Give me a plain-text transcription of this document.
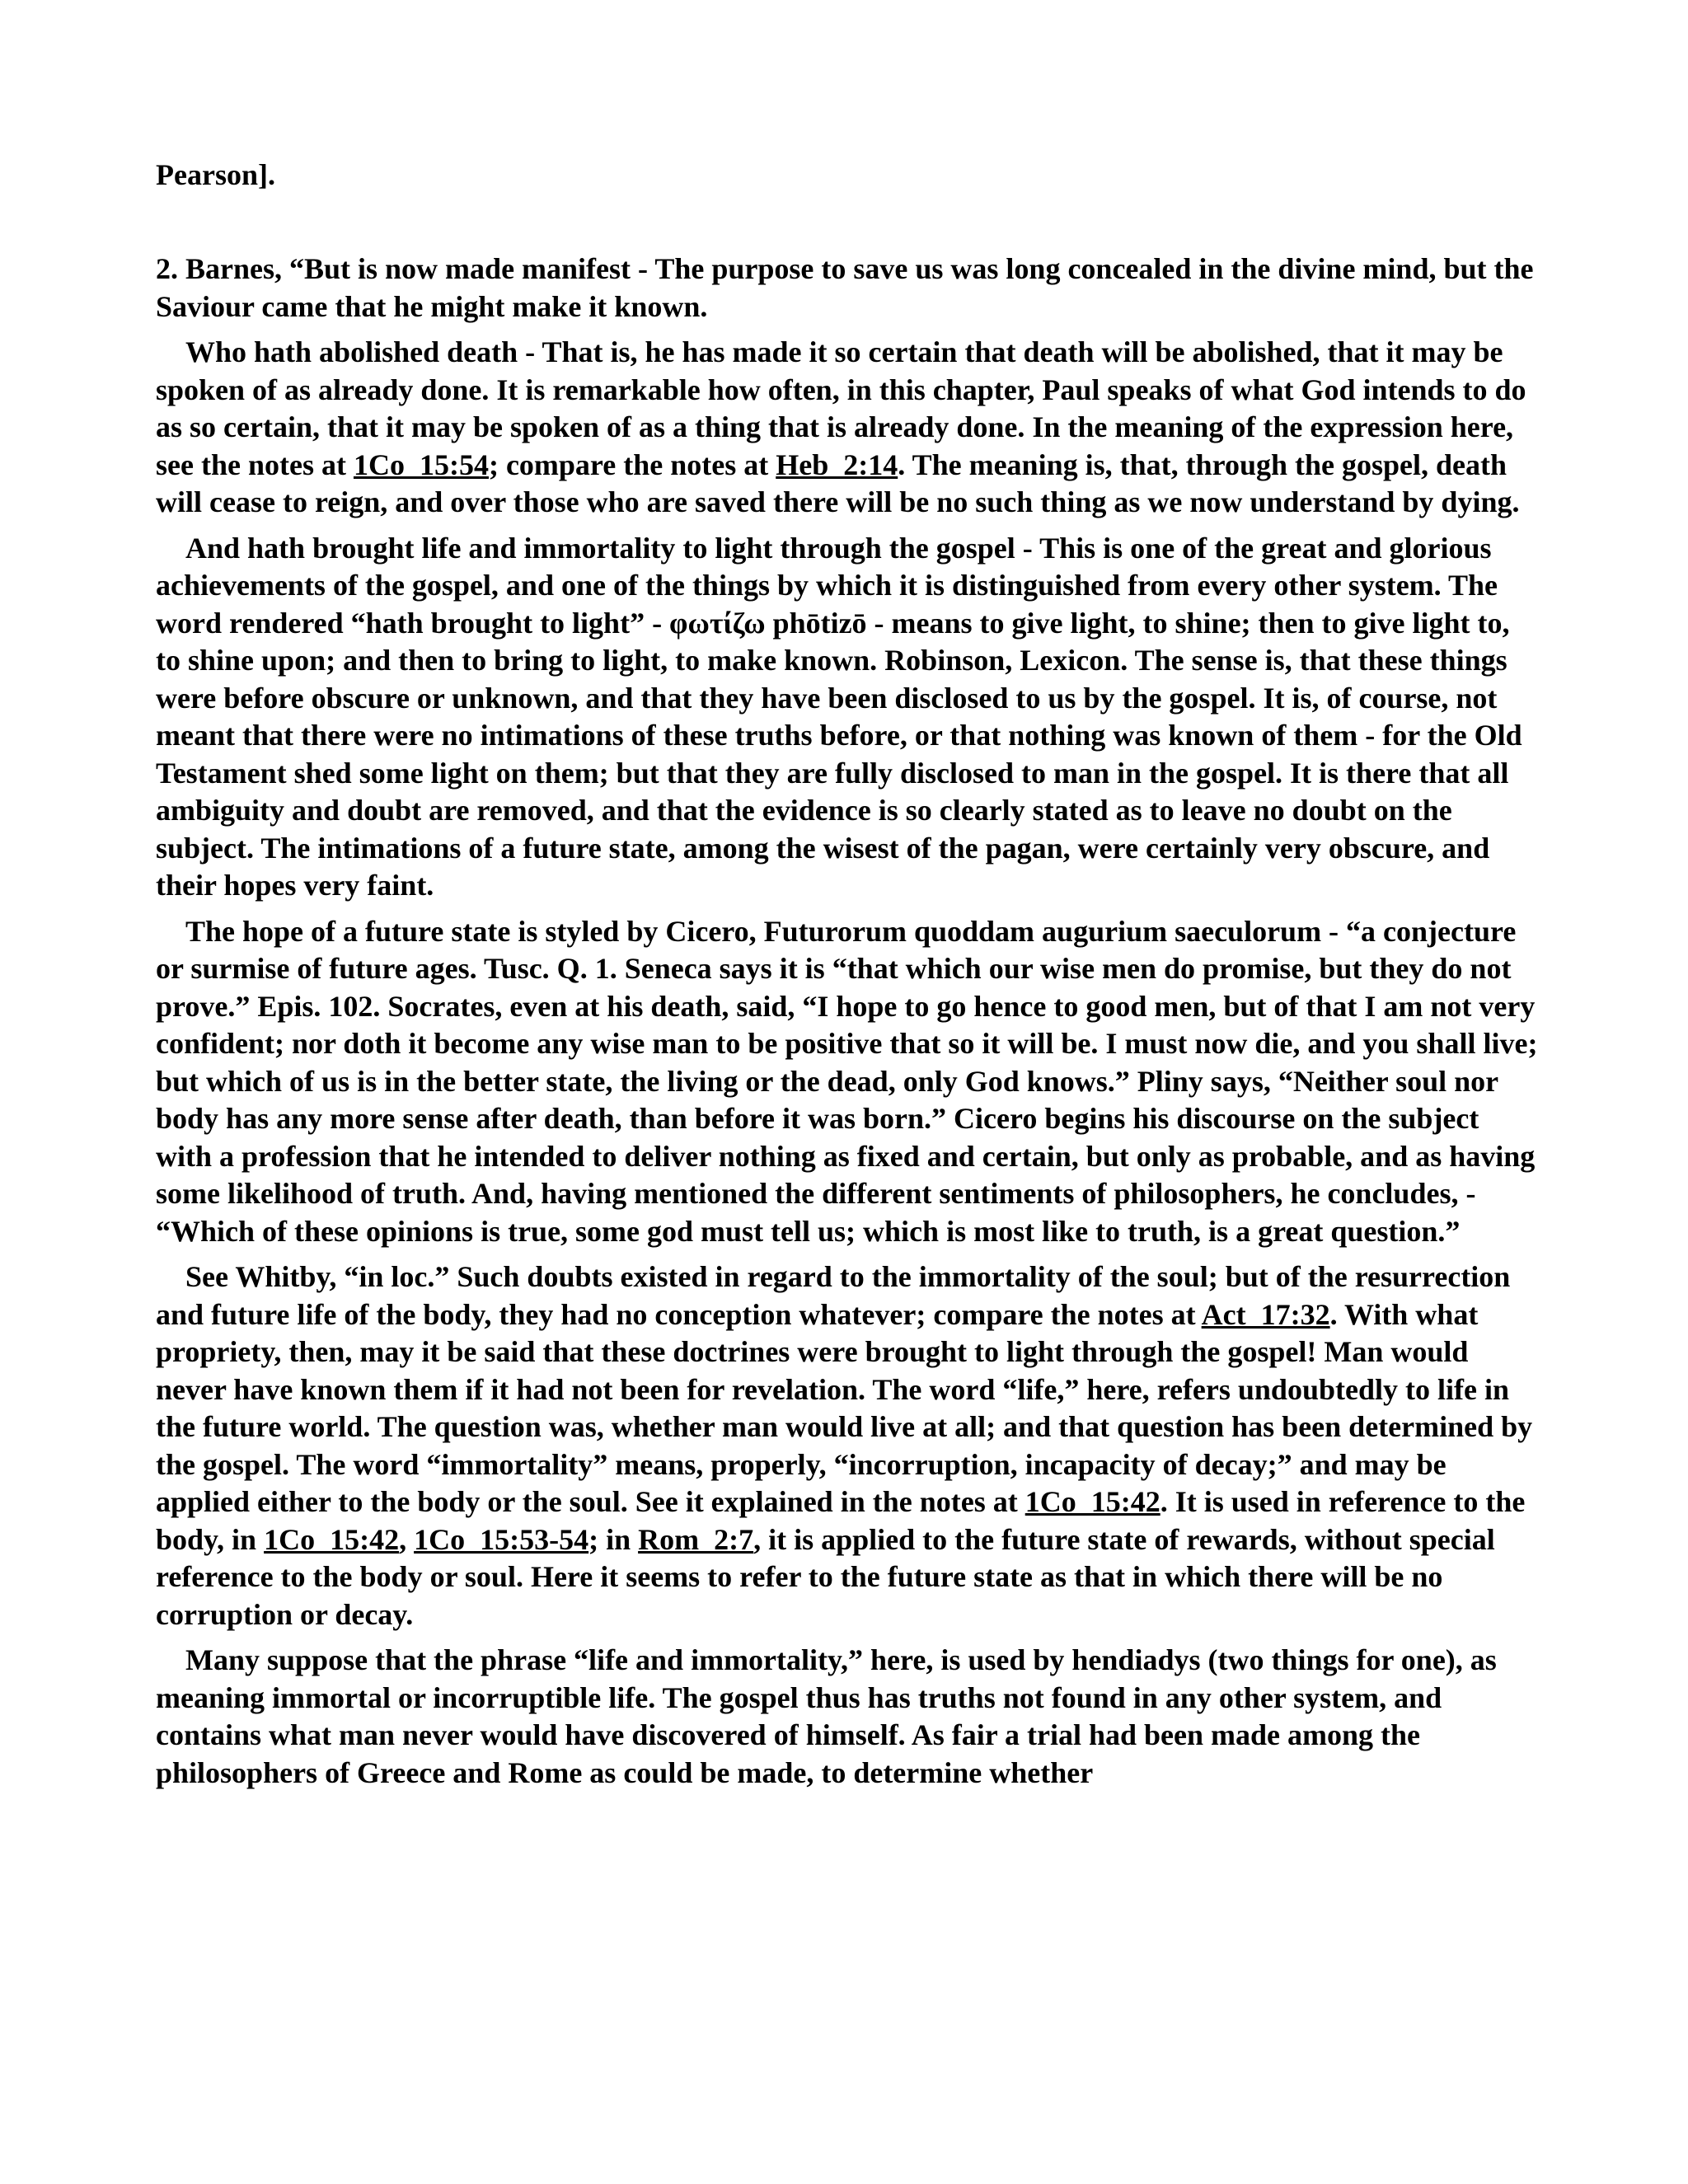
Pearson].

2. Barnes, “But is now made manifest - The purpose to save us was long concealed in the divine mind, but the Saviour came that he might make it known.

Who hath abolished death - That is, he has made it so certain that death will be abolished, that it may be spoken of as already done. It is remarkable how often, in this chapter, Paul speaks of what God intends to do as so certain, that it may be spoken of as a thing that is already done. In the meaning of the expression here, see the notes at 1Co_15:54; compare the notes at Heb_2:14. The meaning is, that, through the gospel, death will cease to reign, and over those who are saved there will be no such thing as we now understand by dying.

And hath brought life and immortality to light through the gospel - This is one of the great and glorious achievements of the gospel, and one of the things by which it is distinguished from every other system. The word rendered “hath brought to light” - φωτίζω phōtizō - means to give light, to shine; then to give light to, to shine upon; and then to bring to light, to make known. Robinson, Lexicon. The sense is, that these things were before obscure or unknown, and that they have been disclosed to us by the gospel. It is, of course, not meant that there were no intimations of these truths before, or that nothing was known of them - for the Old Testament shed some light on them; but that they are fully disclosed to man in the gospel. It is there that all ambiguity and doubt are removed, and that the evidence is so clearly stated as to leave no doubt on the subject. The intimations of a future state, among the wisest of the pagan, were certainly very obscure, and their hopes very faint.

The hope of a future state is styled by Cicero, Futurorum quoddam augurium saeculorum - “a conjecture or surmise of future ages. Tusc. Q. 1. Seneca says it is “that which our wise men do promise, but they do not prove.” Epis. 102. Socrates, even at his death, said, “I hope to go hence to good men, but of that I am not very confident; nor doth it become any wise man to be positive that so it will be. I must now die, and you shall live; but which of us is in the better state, the living or the dead, only God knows.” Pliny says, “Neither soul nor body has any more sense after death, than before it was born.” Cicero begins his discourse on the subject with a profession that he intended to deliver nothing as fixed and certain, but only as probable, and as having some likelihood of truth. And, having mentioned the different sentiments of philosophers, he concludes, - “Which of these opinions is true, some god must tell us; which is most like to truth, is a great question.”

See Whitby, “in loc.” Such doubts existed in regard to the immortality of the soul; but of the resurrection and future life of the body, they had no conception whatever; compare the notes at Act_17:32. With what propriety, then, may it be said that these doctrines were brought to light through the gospel! Man would never have known them if it had not been for revelation. The word “life,” here, refers undoubtedly to life in the future world. The question was, whether man would live at all; and that question has been determined by the gospel. The word “immortality” means, properly, “incorruption, incapacity of decay;” and may be applied either to the body or the soul. See it explained in the notes at 1Co_15:42. It is used in reference to the body, in 1Co_15:42, 1Co_15:53-54; in Rom_2:7, it is applied to the future state of rewards, without special reference to the body or soul. Here it seems to refer to the future state as that in which there will be no corruption or decay.

Many suppose that the phrase “life and immortality,” here, is used by hendiadys (two things for one), as meaning immortal or incorruptible life. The gospel thus has truths not found in any other system, and contains what man never would have discovered of himself. As fair a trial had been made among the philosophers of Greece and Rome as could be made, to determine whether
